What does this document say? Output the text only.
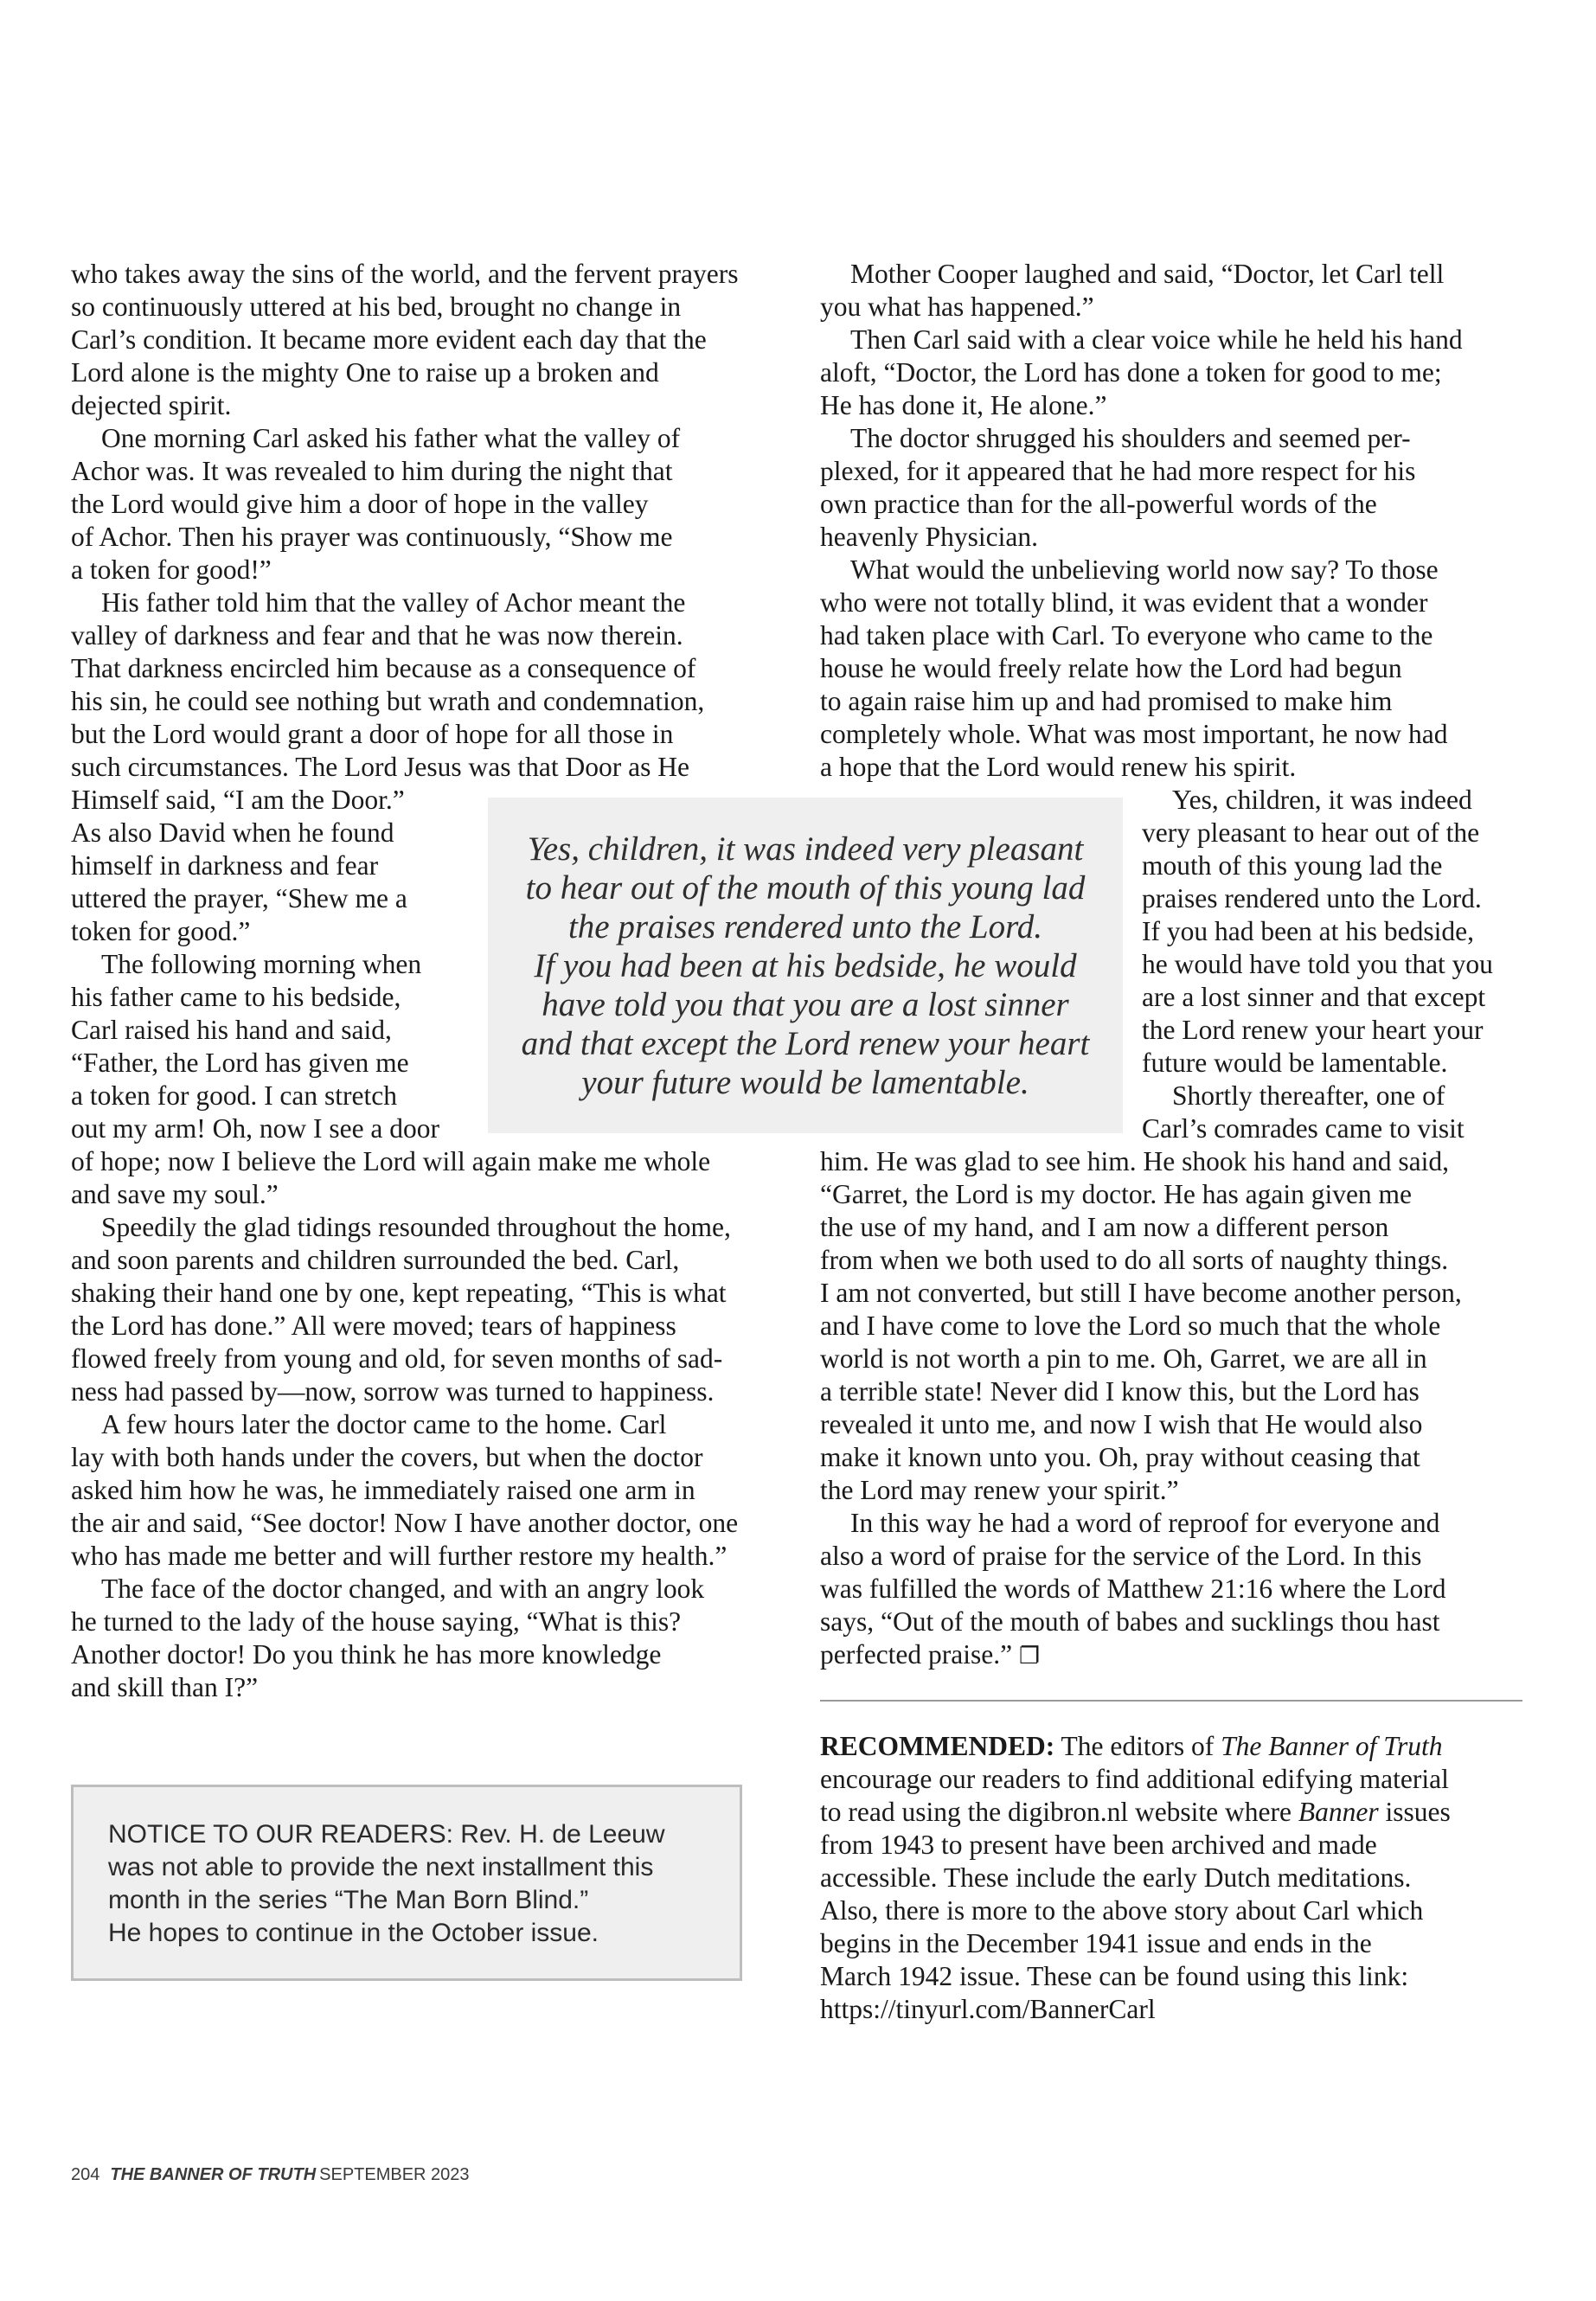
who takes away the sins of the world, and the fervent prayers
so continuously uttered at his bed, brought no change in
Carl’s condition. It became more evident each day that the
Lord alone is the mighty One to raise up a broken and
dejected spirit.
One morning Carl asked his father what the valley of
Achor was. It was revealed to him during the night that
the Lord would give him a door of hope in the valley
of Achor. Then his prayer was continuously, “Show me
a token for good!”
His father told him that the valley of Achor meant the
valley of darkness and fear and that he was now therein.
That darkness encircled him because as a consequence of
his sin, he could see nothing but wrath and condemnation,
but the Lord would grant a door of hope for all those in
such circumstances. The Lord Jesus was that Door as He
Himself said, “I am the Door.”
As also David when he found
himself in darkness and fear
uttered the prayer, “Shew me a
token for good.”
The following morning when
his father came to his bedside,
Carl raised his hand and said,
“Father, the Lord has given me
a token for good. I can stretch
out my arm! Oh, now I see a door
of hope; now I believe the Lord will again make me whole
and save my soul.”
Speedily the glad tidings resounded throughout the home,
and soon parents and children surrounded the bed. Carl,
shaking their hand one by one, kept repeating, “This is what
the Lord has done.” All were moved; tears of happiness
flowed freely from young and old, for seven months of sad-
ness had passed by—now, sorrow was turned to happiness.
A few hours later the doctor came to the home. Carl
lay with both hands under the covers, but when the doctor
asked him how he was, he immediately raised one arm in
the air and said, “See doctor! Now I have another doctor, one
who has made me better and will further restore my health.”
The face of the doctor changed, and with an angry look
he turned to the lady of the house saying, “What is this?
Another doctor! Do you think he has more knowledge
and skill than I?”
Mother Cooper laughed and said, “Doctor, let Carl tell
you what has happened.”
Then Carl said with a clear voice while he held his hand
aloft, “Doctor, the Lord has done a token for good to me;
He has done it, He alone.”
The doctor shrugged his shoulders and seemed per-
plexed, for it appeared that he had more respect for his
own practice than for the all-powerful words of the
heavenly Physician.
What would the unbelieving world now say? To those
who were not totally blind, it was evident that a wonder
had taken place with Carl. To everyone who came to the
house he would freely relate how the Lord had begun
to again raise him up and had promised to make him
completely whole. What was most important, he now had
a hope that the Lord would renew his spirit.
Yes, children, it was indeed
very pleasant to hear out of the
mouth of this young lad the
praises rendered unto the Lord.
If you had been at his bedside,
he would have told you that you
are a lost sinner and that except
the Lord renew your heart your
future would be lamentable.
Shortly thereafter, one of
Carl’s comrades came to visit
him. He was glad to see him. He shook his hand and said,
“Garret, the Lord is my doctor. He has again given me
the use of my hand, and I am now a different person
from when we both used to do all sorts of naughty things.
I am not converted, but still I have become another person,
and I have come to love the Lord so much that the whole
world is not worth a pin to me. Oh, Garret, we are all in
a terrible state! Never did I know this, but the Lord has
revealed it unto me, and now I wish that He would also
make it known unto you. Oh, pray without ceasing that
the Lord may renew your spirit.”
In this way he had a word of reproof for everyone and
also a word of praise for the service of the Lord. In this
was fulfilled the words of Matthew 21:16 where the Lord
says, “Out of the mouth of babes and sucklings thou hast
perfected praise.” ❐
Yes, children, it was indeed very pleasant
to hear out of the mouth of this young lad
the praises rendered unto the Lord.
If you had been at his bedside, he would
have told you that you are a lost sinner
and that except the Lord renew your heart
your future would be lamentable.
NOTICE TO OUR READERS: Rev. H. de Leeuw
was not able to provide the next installment this
month in the series “The Man Born Blind.”
He hopes to continue in the October issue.
RECOMMENDED: The editors of The Banner of Truth
encourage our readers to find additional edifying material
to read using the digibron.nl website where Banner issues
from 1943 to present have been archived and made
accessible. These include the early Dutch meditations.
Also, there is more to the above story about Carl which
begins in the December 1941 issue and ends in the
March 1942 issue. These can be found using this link:
https://tinyurl.com/BannerCarl
204 THE BANNER OF TRUTH SEPTEMBER 2023
